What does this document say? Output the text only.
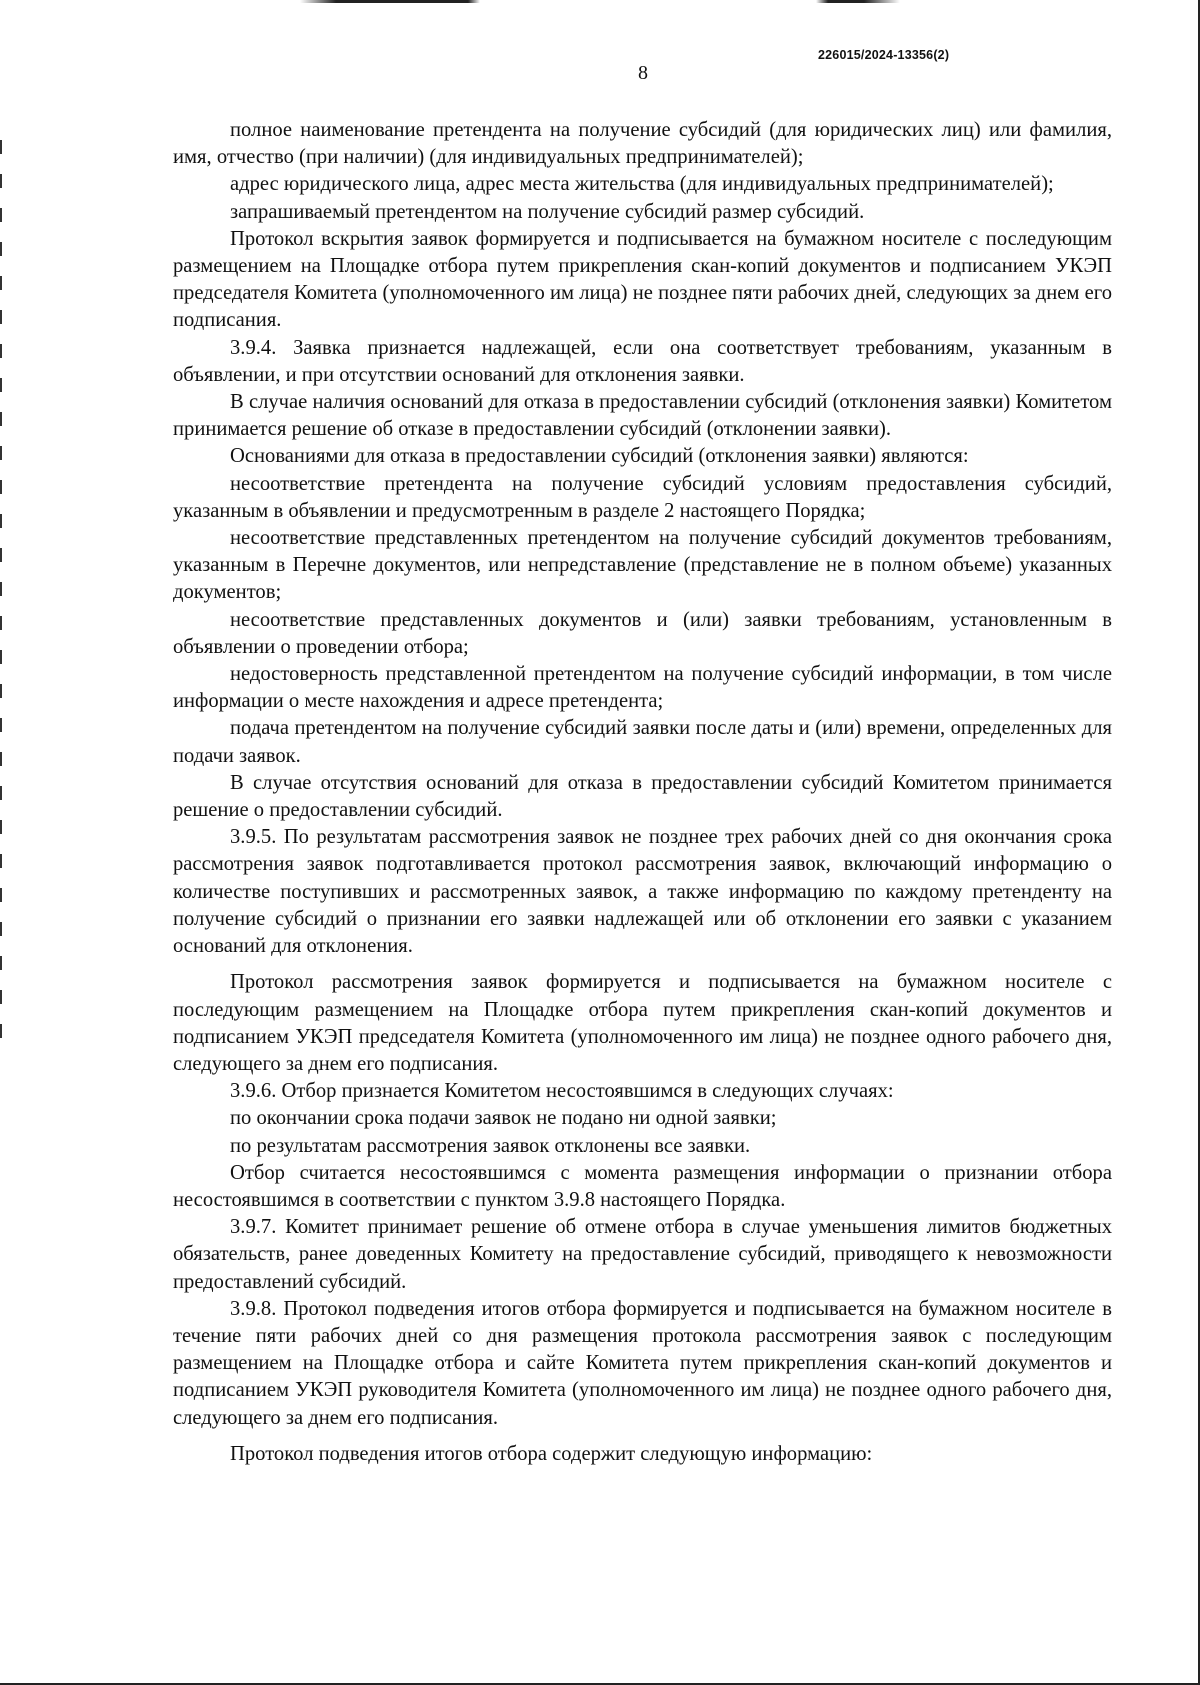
226015/2024-13356(2)
8

полное наименование претендента на получение субсидий (для юридических лиц) или фамилия, имя, отчество (при наличии) (для индивидуальных предпринимателей);

адрес юридического лица, адрес места жительства (для индивидуальных предпринимателей);

запрашиваемый претендентом на получение субсидий размер субсидий.

Протокол вскрытия заявок формируется и подписывается на бумажном носителе с последующим размещением на Площадке отбора путем прикрепления скан-копий документов и подписанием УКЭП председателя Комитета (уполномоченного им лица) не позднее пяти рабочих дней, следующих за днем его подписания.

3.9.4. Заявка признается надлежащей, если она соответствует требованиям, указанным в объявлении, и при отсутствии оснований для отклонения заявки.

В случае наличия оснований для отказа в предоставлении субсидий (отклонения заявки) Комитетом принимается решение об отказе в предоставлении субсидий (отклонении заявки).

Основаниями для отказа в предоставлении субсидий (отклонения заявки) являются:

несоответствие претендента на получение субсидий условиям предоставления субсидий, указанным в объявлении и предусмотренным в разделе 2 настоящего Порядка;

несоответствие представленных претендентом на получение субсидий документов требованиям, указанным в Перечне документов, или непредставление (представление не в полном объеме) указанных документов;

несоответствие представленных документов и (или) заявки требованиям, установленным в объявлении о проведении отбора;

недостоверность представленной претендентом на получение субсидий информации, в том числе информации о месте нахождения и адресе претендента;

подача претендентом на получение субсидий заявки после даты и (или) времени, определенных для подачи заявок.

В случае отсутствия оснований для отказа в предоставлении субсидий Комитетом принимается решение о предоставлении субсидий.

3.9.5. По результатам рассмотрения заявок не позднее трех рабочих дней со дня окончания срока рассмотрения заявок подготавливается протокол рассмотрения заявок, включающий информацию о количестве поступивших и рассмотренных заявок, а также информацию по каждому претенденту на получение субсидий о признании его заявки надлежащей или об отклонении его заявки с указанием оснований для отклонения.

Протокол рассмотрения заявок формируется и подписывается на бумажном носителе с последующим размещением на Площадке отбора путем прикрепления скан-копий документов и подписанием УКЭП председателя Комитета (уполномоченного им лица) не позднее одного рабочего дня, следующего за днем его подписания.

3.9.6. Отбор признается Комитетом несостоявшимся в следующих случаях:

по окончании срока подачи заявок не подано ни одной заявки;

по результатам рассмотрения заявок отклонены все заявки.

Отбор считается несостоявшимся с момента размещения информации о признании отбора несостоявшимся в соответствии с пунктом 3.9.8 настоящего Порядка.

3.9.7. Комитет принимает решение об отмене отбора в случае уменьшения лимитов бюджетных обязательств, ранее доведенных Комитету на предоставление субсидий, приводящего к невозможности предоставлений субсидий.

3.9.8. Протокол подведения итогов отбора формируется и подписывается на бумажном носителе в течение пяти рабочих дней со дня размещения протокола рассмотрения заявок с последующим размещением на Площадке отбора и сайте Комитета путем прикрепления скан-копий документов и подписанием УКЭП руководителя Комитета (уполномоченного им лица) не позднее одного рабочего дня, следующего за днем его подписания.

Протокол подведения итогов отбора содержит следующую информацию:
